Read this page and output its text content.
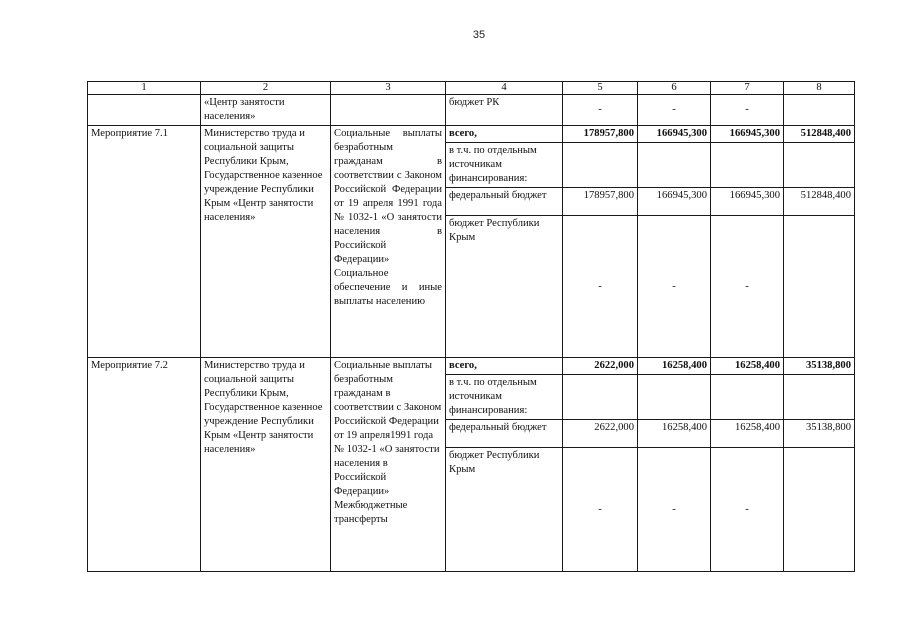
35
1	2	3	4	5	6	7	8
	«Центр занятости населения»		бюджет РК	-	-	-	
Мероприятие 7.1	Министерство труда и социальной защиты Республики Крым, Государственное казенное учреждение Республики Крым «Центр занятости населения»	Социальные выплаты безработным гражданам в соответствии с Законом Российской Федерации от 19 апреля 1991 года № 1032-1 «О занятости населения в Российской Федерации» Социальное обеспечение и иные выплаты населению	всего,	178957,800	166945,300	166945,300	512848,400
			в т.ч. по отдельным источникам финансирования:				
			федеральный бюджет	178957,800	166945,300	166945,300	512848,400
			бюджет Республики Крым	-	-	-	
Мероприятие 7.2	Министерство труда и социальной защиты Республики Крым, Государственное казенное учреждение Республики Крым «Центр занятости населения»	Социальные выплаты безработным гражданам в соответствии с Законом Российской Федерации от 19 апреля1991 года № 1032-1 «О занятости населения в Российской Федерации» Межбюджетные трансферты	всего,	2622,000	16258,400	16258,400	35138,800
			в т.ч. по отдельным источникам финансирования:				
			федеральный бюджет	2622,000	16258,400	16258,400	35138,800
			бюджет Республики Крым	-	-	-	
